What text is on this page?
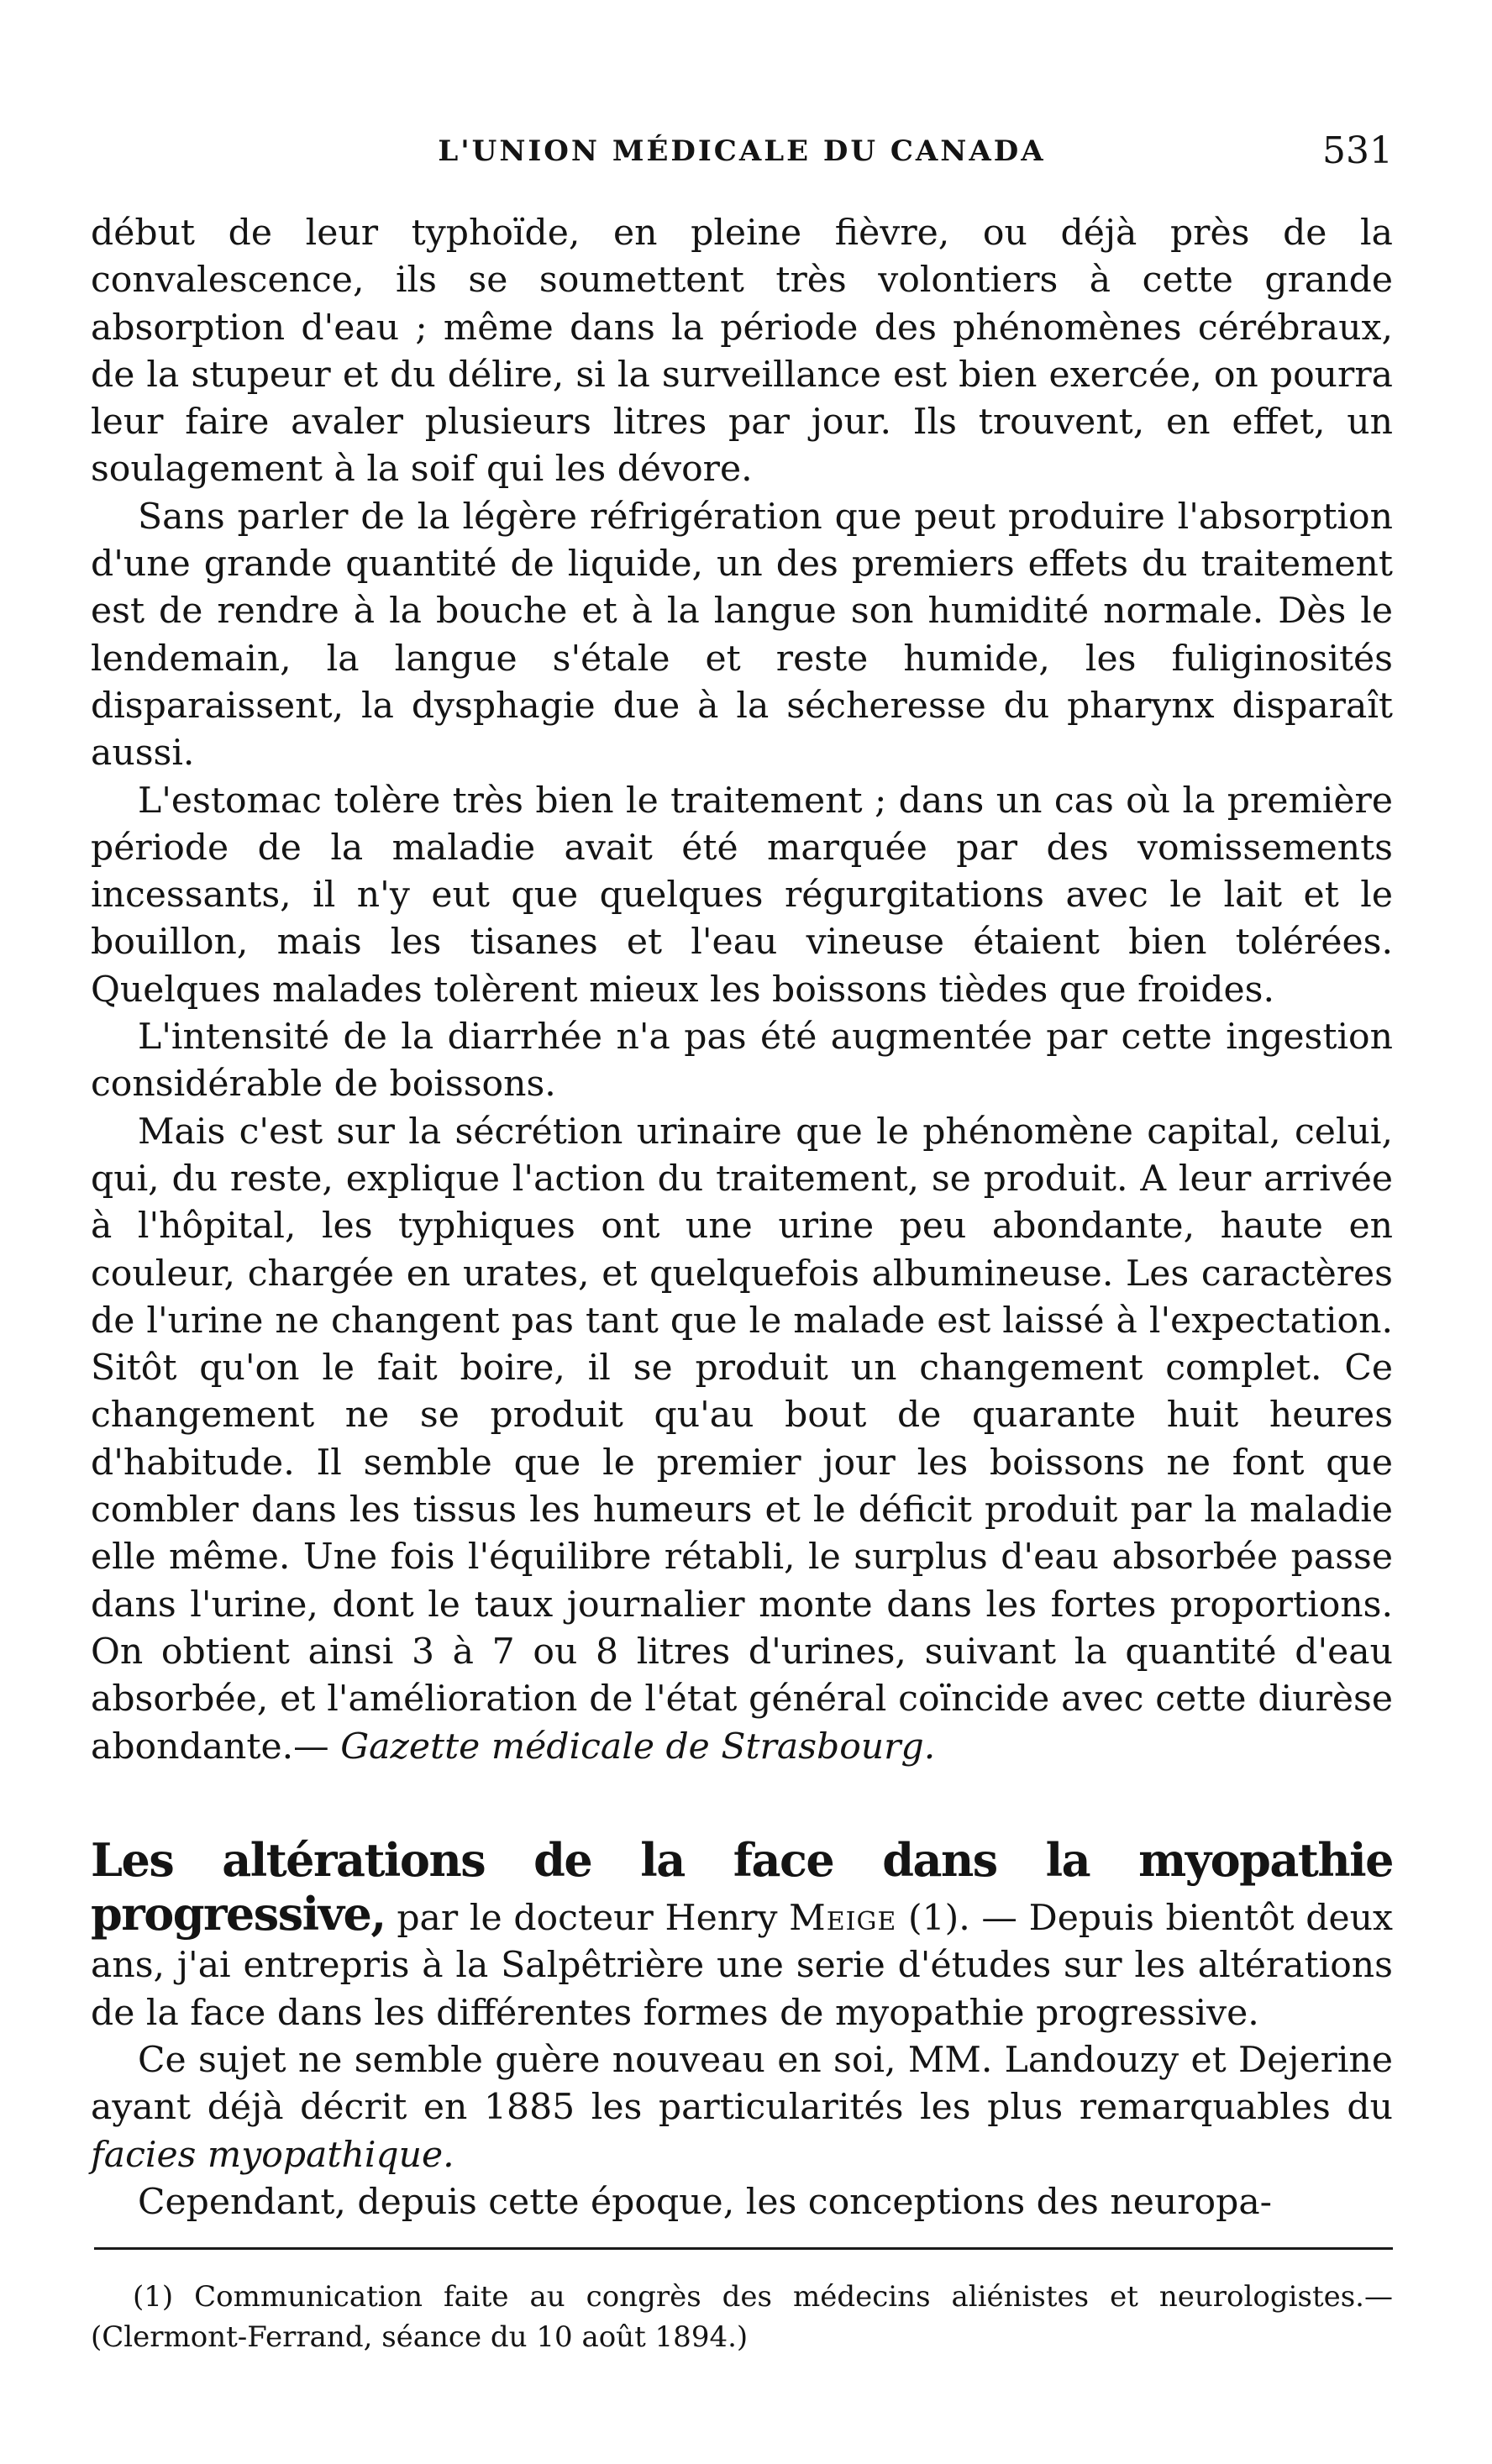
L'UNION MÉDICALE DU CANADA	531

début de leur typhoïde, en pleine fièvre, ou déjà près de la convalescence, ils se soumettent très volontiers à cette grande absorption d'eau ; même dans la période des phénomènes cérébraux, de la stupeur et du délire, si la surveillance est bien exercée, on pourra leur faire avaler plusieurs litres par jour. Ils trouvent, en effet, un soulagement à la soif qui les dévore.

Sans parler de la légère réfrigération que peut produire l'absorption d'une grande quantité de liquide, un des premiers effets du traitement est de rendre à la bouche et à la langue son humidité normale. Dès le lendemain, la langue s'étale et reste humide, les fuliginosités disparaissent, la dysphagie due à la sécheresse du pharynx disparaît aussi.

L'estomac tolère très bien le traitement ; dans un cas où la première période de la maladie avait été marquée par des vomissements incessants, il n'y eut que quelques régurgitations avec le lait et le bouillon, mais les tisanes et l'eau vineuse étaient bien tolérées. Quelques malades tolèrent mieux les boissons tièdes que froides.

L'intensité de la diarrhée n'a pas été augmentée par cette ingestion considérable de boissons.

Mais c'est sur la sécrétion urinaire que le phénomène capital, celui, qui, du reste, explique l'action du traitement, se produit. A leur arrivée à l'hôpital, les typhiques ont une urine peu abondante, haute en couleur, chargée en urates, et quelquefois albumineuse. Les caractères de l'urine ne changent pas tant que le malade est laissé à l'expectation. Sitôt qu'on le fait boire, il se produit un changement complet. Ce changement ne se produit qu'au bout de quarante huit heures d'habitude. Il semble que le premier jour les boissons ne font que combler dans les tissus les humeurs et le déficit produit par la maladie elle même. Une fois l'équilibre rétabli, le surplus d'eau absorbée passe dans l'urine, dont le taux journalier monte dans les fortes proportions. On obtient ainsi 3 à 7 ou 8 litres d'urines, suivant la quantité d'eau absorbée, et l'amélioration de l'état général coïncide avec cette diurèse abondante.— Gazette médicale de Strasbourg.

Les altérations de la face dans la myopathie progressive, par le docteur Henry Meige (1). — Depuis bientôt deux ans, j'ai entrepris à la Salpêtrière une serie d'études sur les altérations de la face dans les différentes formes de myopathie progressive.

Ce sujet ne semble guère nouveau en soi, MM. Landouzy et Dejerine ayant déjà décrit en 1885 les particularités les plus remarquables du facies myopathique.

Cependant, depuis cette époque, les conceptions des neuropa-

(1) Communication faite au congrès des médecins aliénistes et neurologistes.— (Clermont-Ferrand, séance du 10 août 1894.)
